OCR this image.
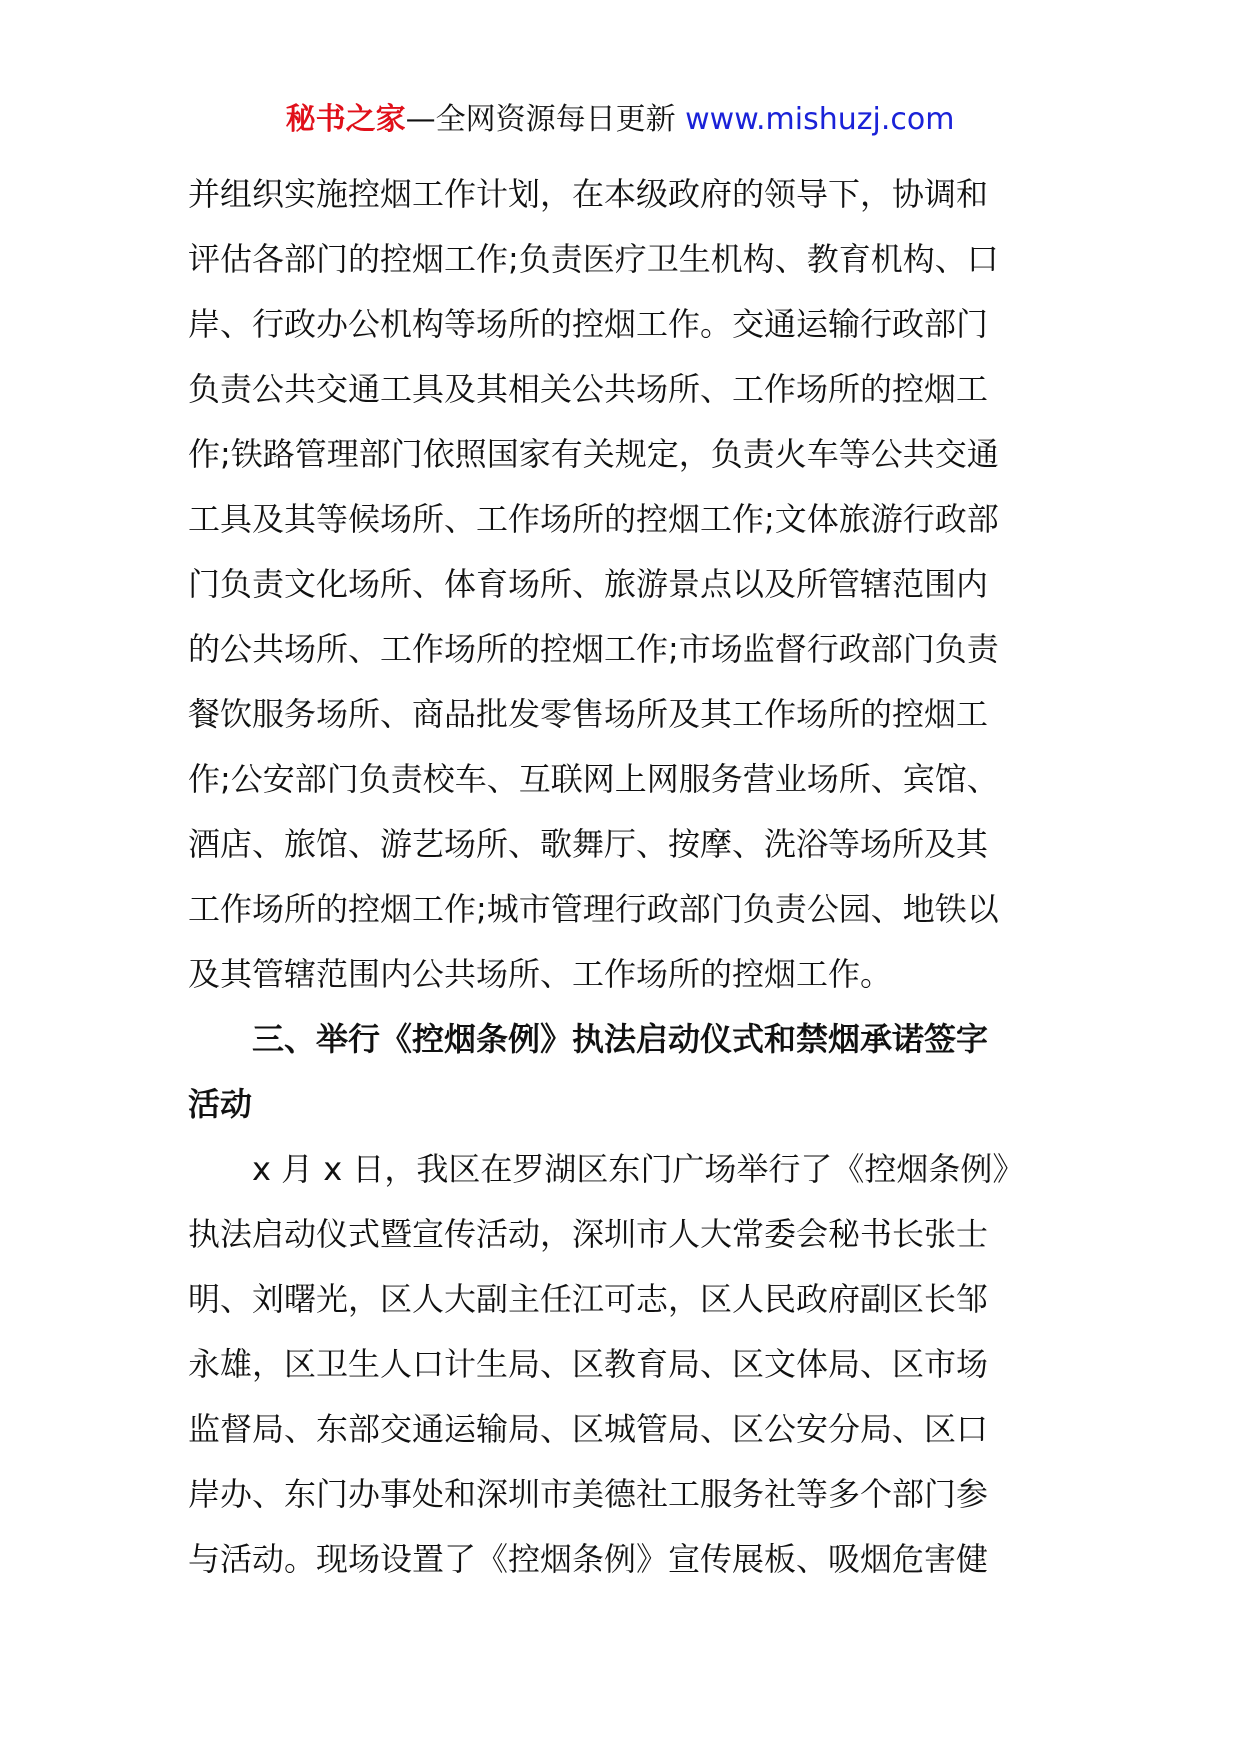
秘书之家—全网资源每日更新 www.mishuzj.com
并组织实施控烟工作计划，在本级政府的领导下，协调和
评估各部门的控烟工作;负责医疗卫生机构、教育机构、口
岸、行政办公机构等场所的控烟工作。交通运输行政部门
负责公共交通工具及其相关公共场所、工作场所的控烟工
作;铁路管理部门依照国家有关规定，负责火车等公共交通
工具及其等候场所、工作场所的控烟工作;文体旅游行政部
门负责文化场所、体育场所、旅游景点以及所管辖范围内
的公共场所、工作场所的控烟工作;市场监督行政部门负责
餐饮服务场所、商品批发零售场所及其工作场所的控烟工
作;公安部门负责校车、互联网上网服务营业场所、宾馆、
酒店、旅馆、游艺场所、歌舞厅、按摩、洗浴等场所及其
工作场所的控烟工作;城市管理行政部门负责公园、地铁以
及其管辖范围内公共场所、工作场所的控烟工作。
三、举行《控烟条例》执法启动仪式和禁烟承诺签字
活动
x 月 x 日，我区在罗湖区东门广场举行了《控烟条例》
执法启动仪式暨宣传活动，深圳市人大常委会秘书长张士
明、刘曙光，区人大副主任江可志，区人民政府副区长邹
永雄，区卫生人口计生局、区教育局、区文体局、区市场
监督局、东部交通运输局、区城管局、区公安分局、区口
岸办、东门办事处和深圳市美德社工服务社等多个部门参
与活动。现场设置了《控烟条例》宣传展板、吸烟危害健
